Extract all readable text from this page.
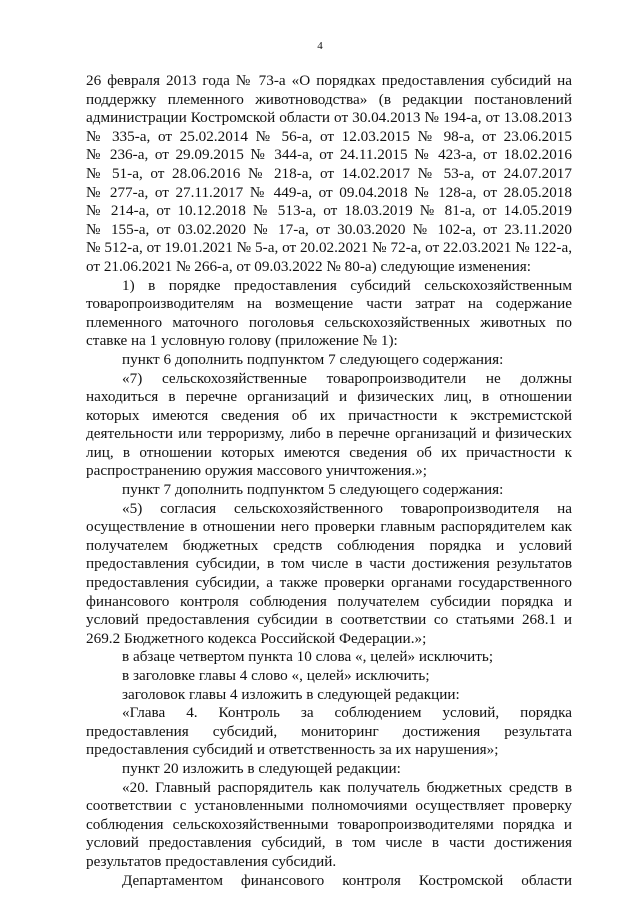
4
26 февраля 2013 года № 73-а «О порядках предоставления субсидий на
поддержку племенного животноводства» (в редакции постановлений
администрации Костромской области от 30.04.2013 № 194-а, от 13.08.2013
№ 335-а, от 25.02.2014 № 56-а, от 12.03.2015 № 98-а, от 23.06.2015
№ 236-а, от 29.09.2015 № 344-а, от 24.11.2015 № 423-а, от 18.02.2016
№ 51-а, от 28.06.2016 № 218-а, от 14.02.2017 № 53-а, от 24.07.2017
№ 277-а, от 27.11.2017 № 449-а, от 09.04.2018 № 128-а, от 28.05.2018
№ 214-а, от 10.12.2018 № 513-а, от 18.03.2019 № 81-а, от 14.05.2019
№ 155-а, от 03.02.2020 № 17-а, от 30.03.2020 № 102-а, от 23.11.2020
№ 512-а, от 19.01.2021 № 5-а, от 20.02.2021 № 72-а, от 22.03.2021 № 122-а,
от 21.06.2021 № 266-а, от 09.03.2022 № 80-а) следующие изменения:
1) в порядке предоставления субсидий сельскохозяйственным
товаропроизводителям на возмещение части затрат на содержание
племенного маточного поголовья сельскохозяйственных животных по
ставке на 1 условную голову (приложение № 1):
пункт 6 дополнить подпунктом 7 следующего содержания:
«7) сельскохозяйственные товаропроизводители не должны
находиться в перечне организаций и физических лиц, в отношении
которых имеются сведения об их причастности к экстремистской
деятельности или терроризму, либо в перечне организаций и физических
лиц, в отношении которых имеются сведения об их причастности к
распространению оружия массового уничтожения.»;
пункт 7 дополнить подпунктом 5 следующего содержания:
«5) согласия сельскохозяйственного товаропроизводителя на
осуществление в отношении него проверки главным распорядителем как
получателем бюджетных средств соблюдения порядка и условий
предоставления субсидии, в том числе в части достижения результатов
предоставления субсидии, а также проверки органами государственного
финансового контроля соблюдения получателем субсидии порядка и
условий предоставления субсидии в соответствии со статьями 268.1 и
269.2 Бюджетного кодекса Российской Федерации.»;
в абзаце четвертом пункта 10 слова «, целей» исключить;
в заголовке главы 4 слово «, целей» исключить;
заголовок главы 4 изложить в следующей редакции:
«Глава 4. Контроль за соблюдением условий, порядка
предоставления субсидий, мониторинг достижения результата
предоставления субсидий и ответственность за их нарушения»;
пункт 20 изложить в следующей редакции:
«20. Главный распорядитель как получатель бюджетных средств в
соответствии с установленными полномочиями осуществляет проверку
соблюдения сельскохозяйственными товаропроизводителями порядка и
условий предоставления субсидий, в том числе в части достижения
результатов предоставления субсидий.
Департаментом финансового контроля Костромской области
